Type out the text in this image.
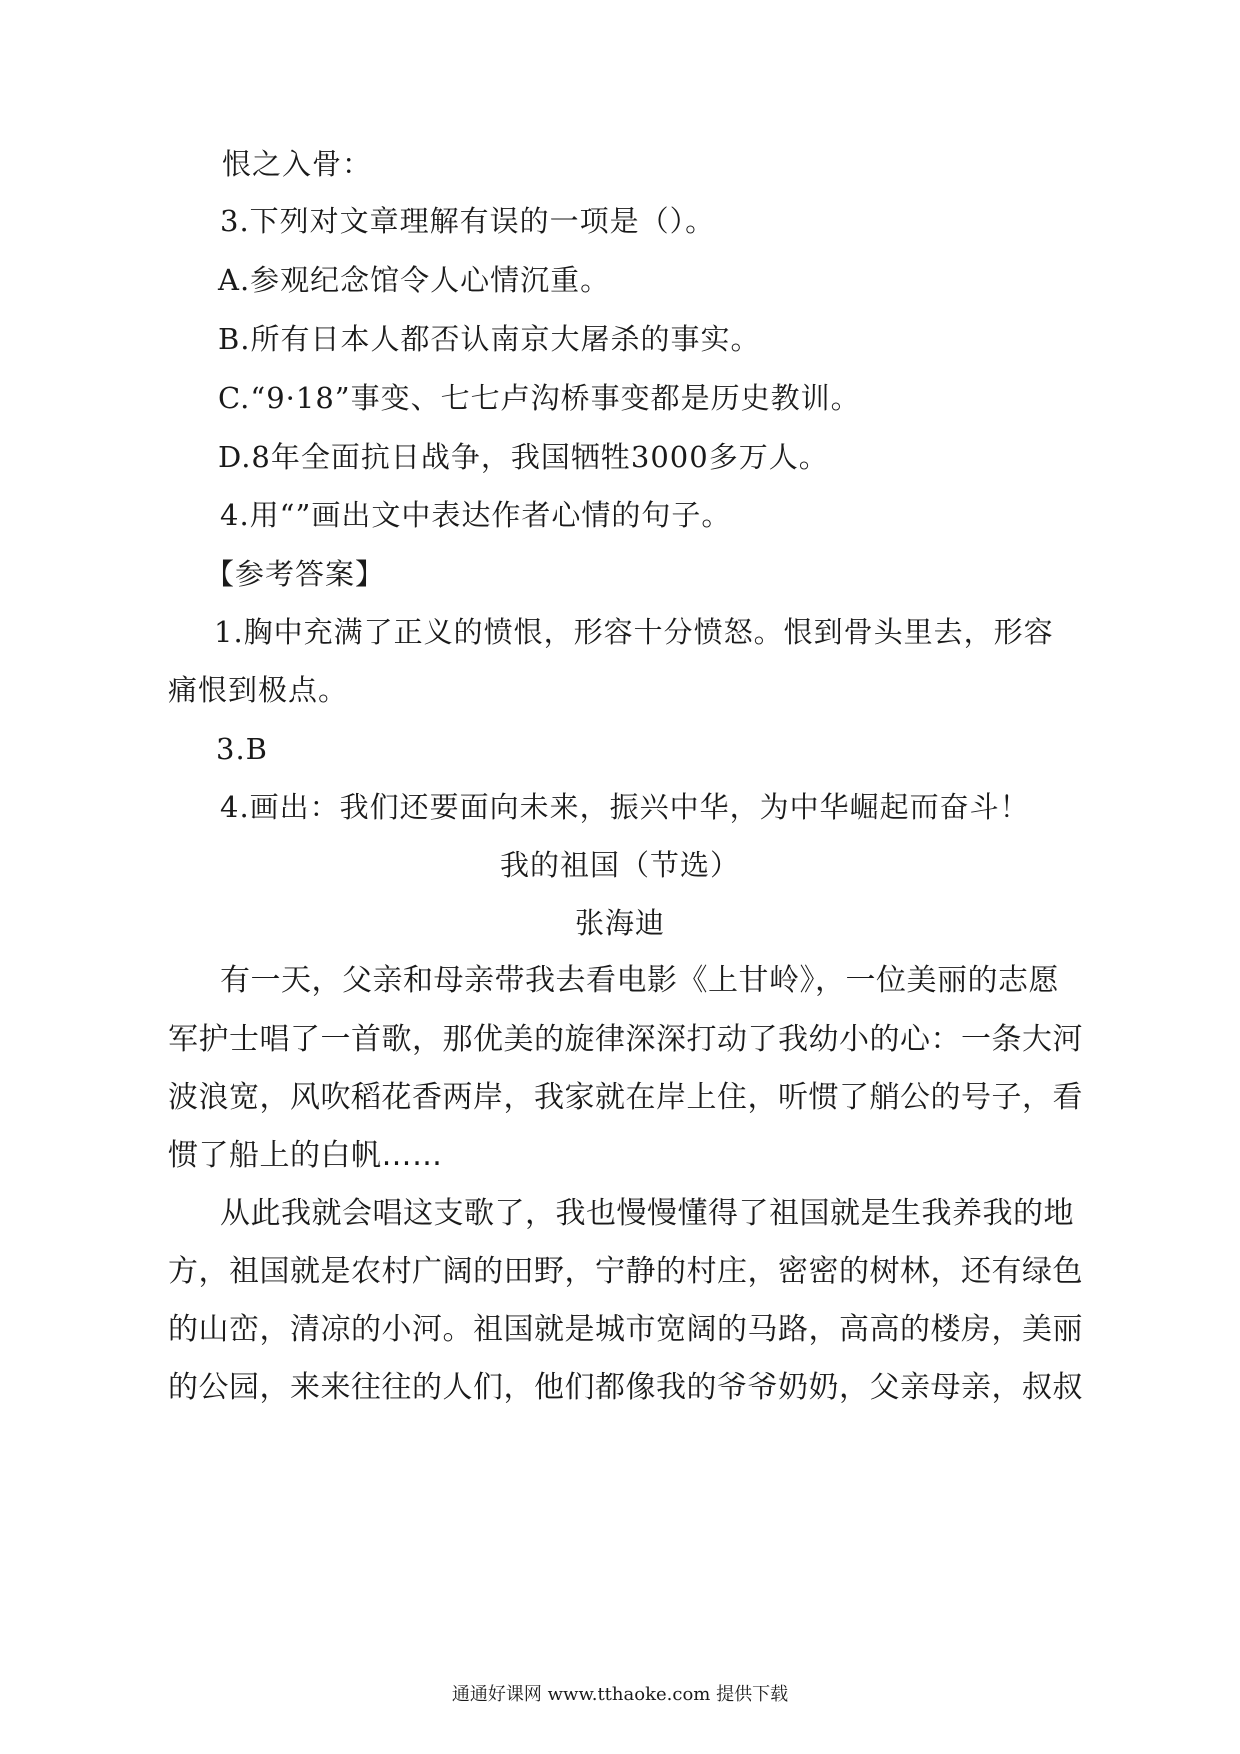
恨之入骨：
3.下列对文章理解有误的一项是（）。
A.参观纪念馆令人心情沉重。
B.所有日本人都否认南京大屠杀的事实。
C.“9·18”事变、七七卢沟桥事变都是历史教训。
D.8年全面抗日战争，我国牺牲3000多万人。
4.用“”画出文中表达作者心情的句子。
【参考答案】
1.胸中充满了正义的愤恨，形容十分愤怒。恨到骨头里去，形容
痛恨到极点。
3.B
4.画出：我们还要面向未来，振兴中华，为中华崛起而奋斗！
我的祖国（节选）
张海迪
有一天，父亲和母亲带我去看电影《上甘岭》，一位美丽的志愿
军护士唱了一首歌，那优美的旋律深深打动了我幼小的心：一条大河
波浪宽，风吹稻花香两岸，我家就在岸上住，听惯了艄公的号子，看
惯了船上的白帆……
从此我就会唱这支歌了，我也慢慢懂得了祖国就是生我养我的地
方，祖国就是农村广阔的田野，宁静的村庄，密密的树林，还有绿色
的山峦，清凉的小河。祖国就是城市宽阔的马路，高高的楼房，美丽
的公园，来来往往的人们，他们都像我的爷爷奶奶，父亲母亲，叔叔
通通好课网 www.tthaoke.com 提供下载
